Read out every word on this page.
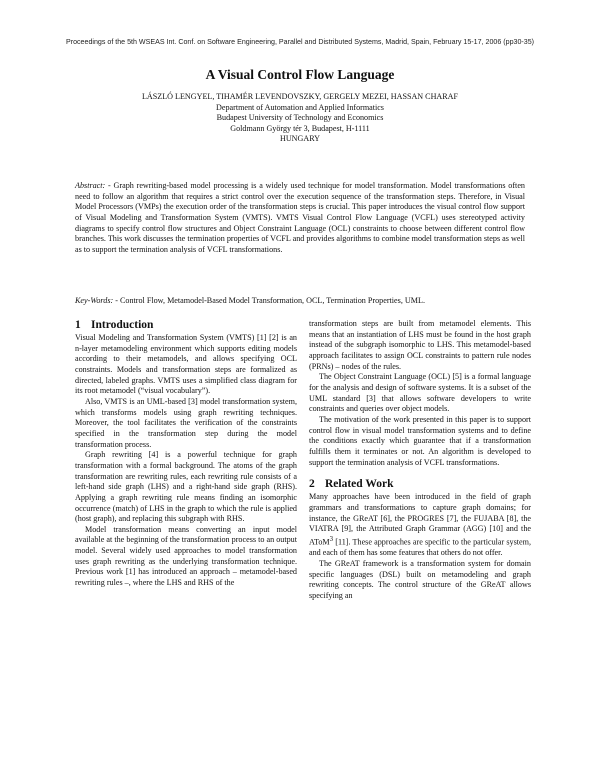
Proceedings of the 5th WSEAS Int. Conf. on Software Engineering, Parallel and Distributed Systems, Madrid, Spain, February 15-17, 2006 (pp30-35)
A Visual Control Flow Language
LÁSZLÓ LENGYEL, TIHAMÉR LEVENDOVSZKY, GERGELY MEZEI, HASSAN CHARAF
Department of Automation and Applied Informatics
Budapest University of Technology and Economics
Goldmann György tér 3, Budapest, H-1111
HUNGARY
Abstract: - Graph rewriting-based model processing is a widely used technique for model transformation. Model transformations often need to follow an algorithm that requires a strict control over the execution sequence of the transformation steps. Therefore, in Visual Model Processors (VMPs) the execution order of the transformation steps is crucial. This paper introduces the visual control flow support of Visual Modeling and Transformation System (VMTS). VMTS Visual Control Flow Language (VCFL) uses stereotyped activity diagrams to specify control flow structures and Object Constraint Language (OCL) constraints to choose between different control flow branches. This work discusses the termination properties of VCFL and provides algorithms to combine model transformation steps as well as to support the termination analysis of VCFL transformations.
Key-Words: - Control Flow, Metamodel-Based Model Transformation, OCL, Termination Properties, UML.
1 Introduction

Visual Modeling and Transformation System (VMTS) [1] [2] is an n-layer metamodeling environment which supports editing models according to their metamodels, and allows specifying OCL constraints. Models and transformation steps are formalized as directed, labeled graphs. VMTS uses a simplified class diagram for its root metamodel (“visual vocabulary”).

Also, VMTS is an UML-based [3] model transformation system, which transforms models using graph rewriting techniques. Moreover, the tool facilitates the verification of the constraints specified in the transformation step during the model transformation process.

Graph rewriting [4] is a powerful technique for graph transformation with a formal background. The atoms of the graph transformation are rewriting rules, each rewriting rule consists of a left-hand side graph (LHS) and a right-hand side graph (RHS). Applying a graph rewriting rule means finding an isomorphic occurrence (match) of LHS in the graph to which the rule is applied (host graph), and replacing this subgraph with RHS.

Model transformation means converting an input model available at the beginning of the transformation process to an output model. Several widely used approaches to model transformation uses graph rewriting as the underlying transformation technique. Previous work [1] has introduced an approach – metamodel-based rewriting rules –, where the LHS and RHS of the

transformation steps are built from metamodel elements. This means that an instantiation of LHS must be found in the host graph instead of the subgraph isomorphic to LHS. This metamodel-based approach facilitates to assign OCL constraints to pattern rule nodes (PRNs) – nodes of the rules.

The Object Constraint Language (OCL) [5] is a formal language for the analysis and design of software systems. It is a subset of the UML standard [3] that allows software developers to write constraints and queries over object models.

The motivation of the work presented in this paper is to support control flow in visual model transformation systems and to define the conditions exactly which guarantee that if a transformation fulfills them it terminates or not. An algorithm is developed to support the termination analysis of VCFL transformations.

2 Related Work

Many approaches have been introduced in the field of graph grammars and transformations to capture graph domains; for instance, the GReAT [6], the PROGRES [7], the FUJABA [8], the VIATRA [9], the Attributed Graph Grammar (AGG) [10] and the AToM$^3$ [11]. These approaches are specific to the particular system, and each of them has some features that others do not offer.

The GReAT framework is a transformation system for domain specific languages (DSL) built on metamodeling and graph rewriting concepts. The control structure of the GReAT allows specifying an
